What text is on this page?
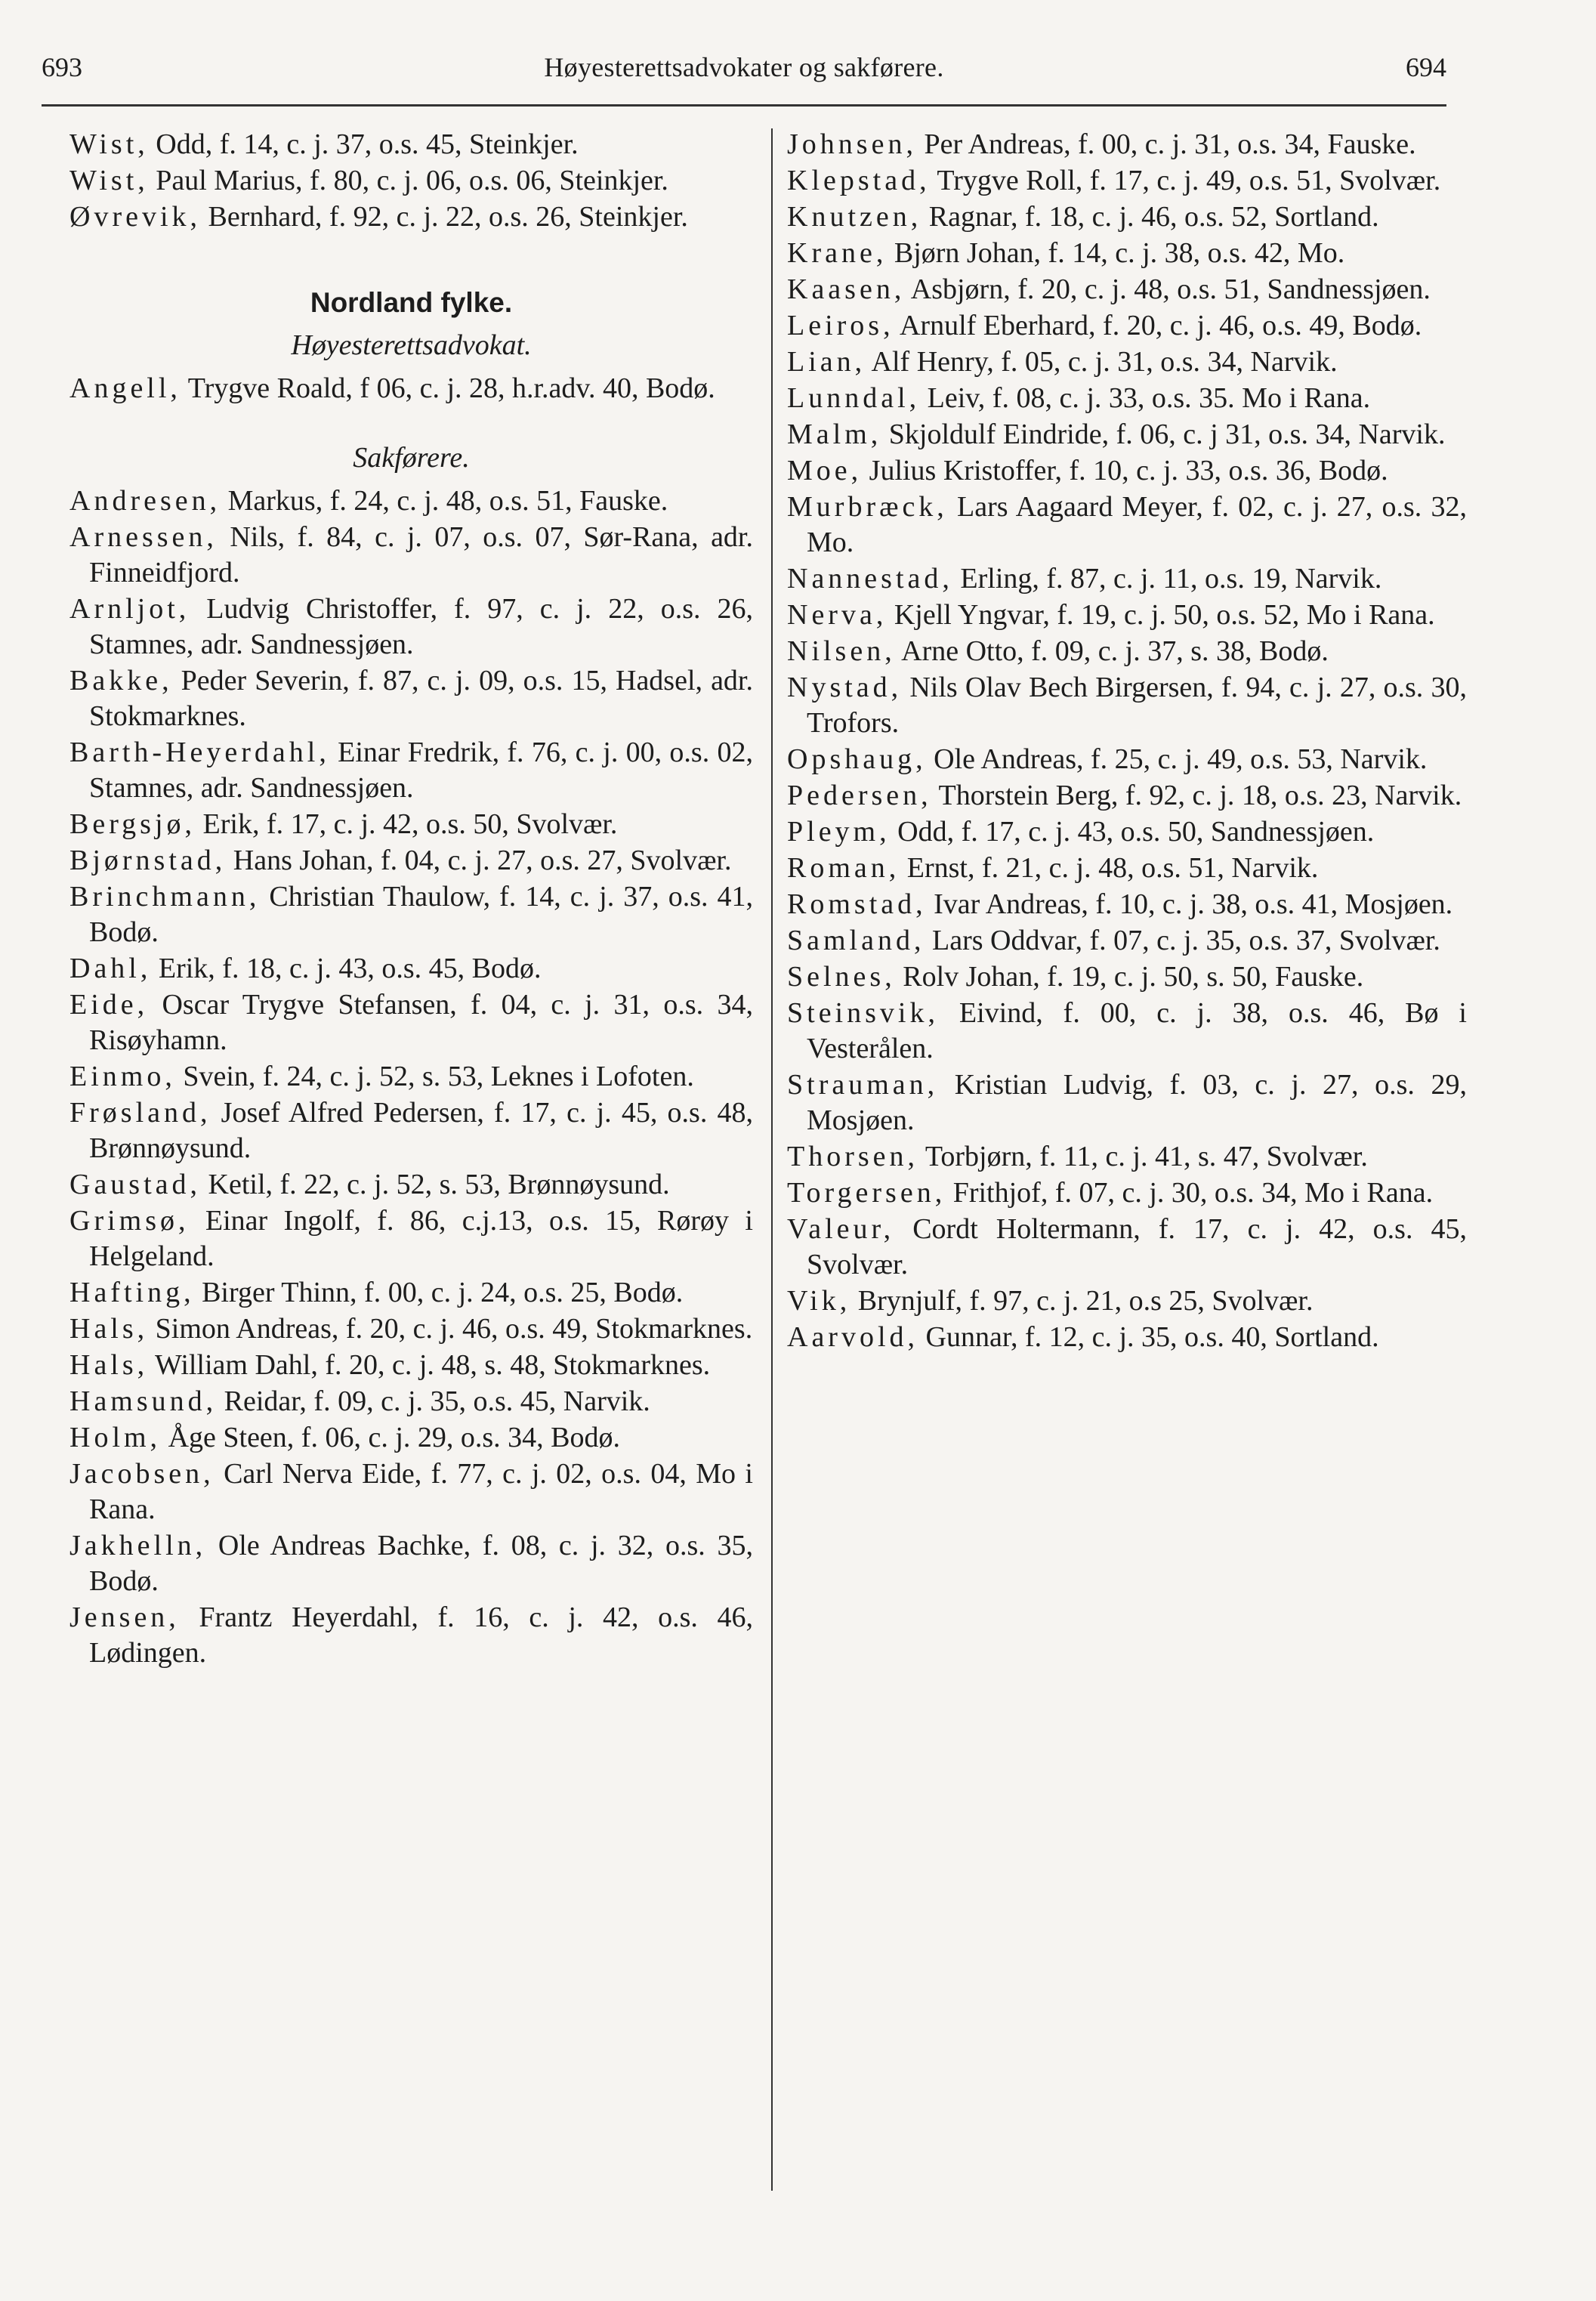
693	Høyesterettsadvokater og sakførere.	694

Wist, Odd, f. 14, c. j. 37, o.s. 45, Steinkjer.

Wist, Paul Marius, f. 80, c. j. 06, o.s. 06, Steinkjer.

Øvrevik, Bernhard, f. 92, c. j. 22, o.s. 26, Steinkjer.

Nordland fylke.
Høyesterettsadvokat.

Angell, Trygve Roald, f 06, c. j. 28, h.r.adv. 40, Bodø.

Sakførere.

Andresen, Markus, f. 24, c. j. 48, o.s. 51, Fauske.

Arnessen, Nils, f. 84, c. j. 07, o.s. 07, Sør-Rana, adr. Finneidfjord.

Arnljot, Ludvig Christoffer, f. 97, c. j. 22, o.s. 26, Stamnes, adr. Sandnessjøen.

Bakke, Peder Severin, f. 87, c. j. 09, o.s. 15, Hadsel, adr. Stokmarknes.

Barth-Heyerdahl, Einar Fredrik, f. 76, c. j. 00, o.s. 02, Stamnes, adr. Sandnessjøen.

Bergsjø, Erik, f. 17, c. j. 42, o.s. 50, Svolvær.

Bjørnstad, Hans Johan, f. 04, c. j. 27, o.s. 27, Svolvær.

Brinchmann, Christian Thaulow, f. 14, c. j. 37, o.s. 41, Bodø.

Dahl, Erik, f. 18, c. j. 43, o.s. 45, Bodø.

Eide, Oscar Trygve Stefansen, f. 04, c. j. 31, o.s. 34, Risøyhamn.

Einmo, Svein, f. 24, c. j. 52, s. 53, Leknes i Lofoten.

Frøsland, Josef Alfred Pedersen, f. 17, c. j. 45, o.s. 48, Brønnøysund.

Gaustad, Ketil, f. 22, c. j. 52, s. 53, Brønnøysund.

Grimsø, Einar Ingolf, f. 86, c.j.13, o.s. 15, Rørøy i Helgeland.

Hafting, Birger Thinn, f. 00, c. j. 24, o.s. 25, Bodø.

Hals, Simon Andreas, f. 20, c. j. 46, o.s. 49, Stokmarknes.

Hals, William Dahl, f. 20, c. j. 48, s. 48, Stokmarknes.

Hamsund, Reidar, f. 09, c. j. 35, o.s. 45, Narvik.

Holm, Åge Steen, f. 06, c. j. 29, o.s. 34, Bodø.

Jacobsen, Carl Nerva Eide, f. 77, c. j. 02, o.s. 04, Mo i Rana.

Jakhelln, Ole Andreas Bachke, f. 08, c. j. 32, o.s. 35, Bodø.

Jensen, Frantz Heyerdahl, f. 16, c. j. 42, o.s. 46, Lødingen.

Johnsen, Per Andreas, f. 00, c. j. 31, o.s. 34, Fauske.

Klepstad, Trygve Roll, f. 17, c. j. 49, o.s. 51, Svolvær.

Knutzen, Ragnar, f. 18, c. j. 46, o.s. 52, Sortland.

Krane, Bjørn Johan, f. 14, c. j. 38, o.s. 42, Mo.

Kaasen, Asbjørn, f. 20, c. j. 48, o.s. 51, Sandnessjøen.

Leiros, Arnulf Eberhard, f. 20, c. j. 46, o.s. 49, Bodø.

Lian, Alf Henry, f. 05, c. j. 31, o.s. 34, Narvik.

Lunndal, Leiv, f. 08, c. j. 33, o.s. 35. Mo i Rana.

Malm, Skjoldulf Eindride, f. 06, c. j 31, o.s. 34, Narvik.

Moe, Julius Kristoffer, f. 10, c. j. 33, o.s. 36, Bodø.

Murbræck, Lars Aagaard Meyer, f. 02, c. j. 27, o.s. 32, Mo.

Nannestad, Erling, f. 87, c. j. 11, o.s. 19, Narvik.

Nerva, Kjell Yngvar, f. 19, c. j. 50, o.s. 52, Mo i Rana.

Nilsen, Arne Otto, f. 09, c. j. 37, s. 38, Bodø.

Nystad, Nils Olav Bech Birgersen, f. 94, c. j. 27, o.s. 30, Trofors.

Opshaug, Ole Andreas, f. 25, c. j. 49, o.s. 53, Narvik.

Pedersen, Thorstein Berg, f. 92, c. j. 18, o.s. 23, Narvik.

Pleym, Odd, f. 17, c. j. 43, o.s. 50, Sandnessjøen.

Roman, Ernst, f. 21, c. j. 48, o.s. 51, Narvik.

Romstad, Ivar Andreas, f. 10, c. j. 38, o.s. 41, Mosjøen.

Samland, Lars Oddvar, f. 07, c. j. 35, o.s. 37, Svolvær.

Selnes, Rolv Johan, f. 19, c. j. 50, s. 50, Fauske.

Steinsvik, Eivind, f. 00, c. j. 38, o.s. 46, Bø i Vesterålen.

Strauman, Kristian Ludvig, f. 03, c. j. 27, o.s. 29, Mosjøen.

Thorsen, Torbjørn, f. 11, c. j. 41, s. 47, Svolvær.

Torgersen, Frithjof, f. 07, c. j. 30, o.s. 34, Mo i Rana.

Valeur, Cordt Holtermann, f. 17, c. j. 42, o.s. 45, Svolvær.

Vik, Brynjulf, f. 97, c. j. 21, o.s 25, Svolvær.

Aarvold, Gunnar, f. 12, c. j. 35, o.s. 40, Sortland.
